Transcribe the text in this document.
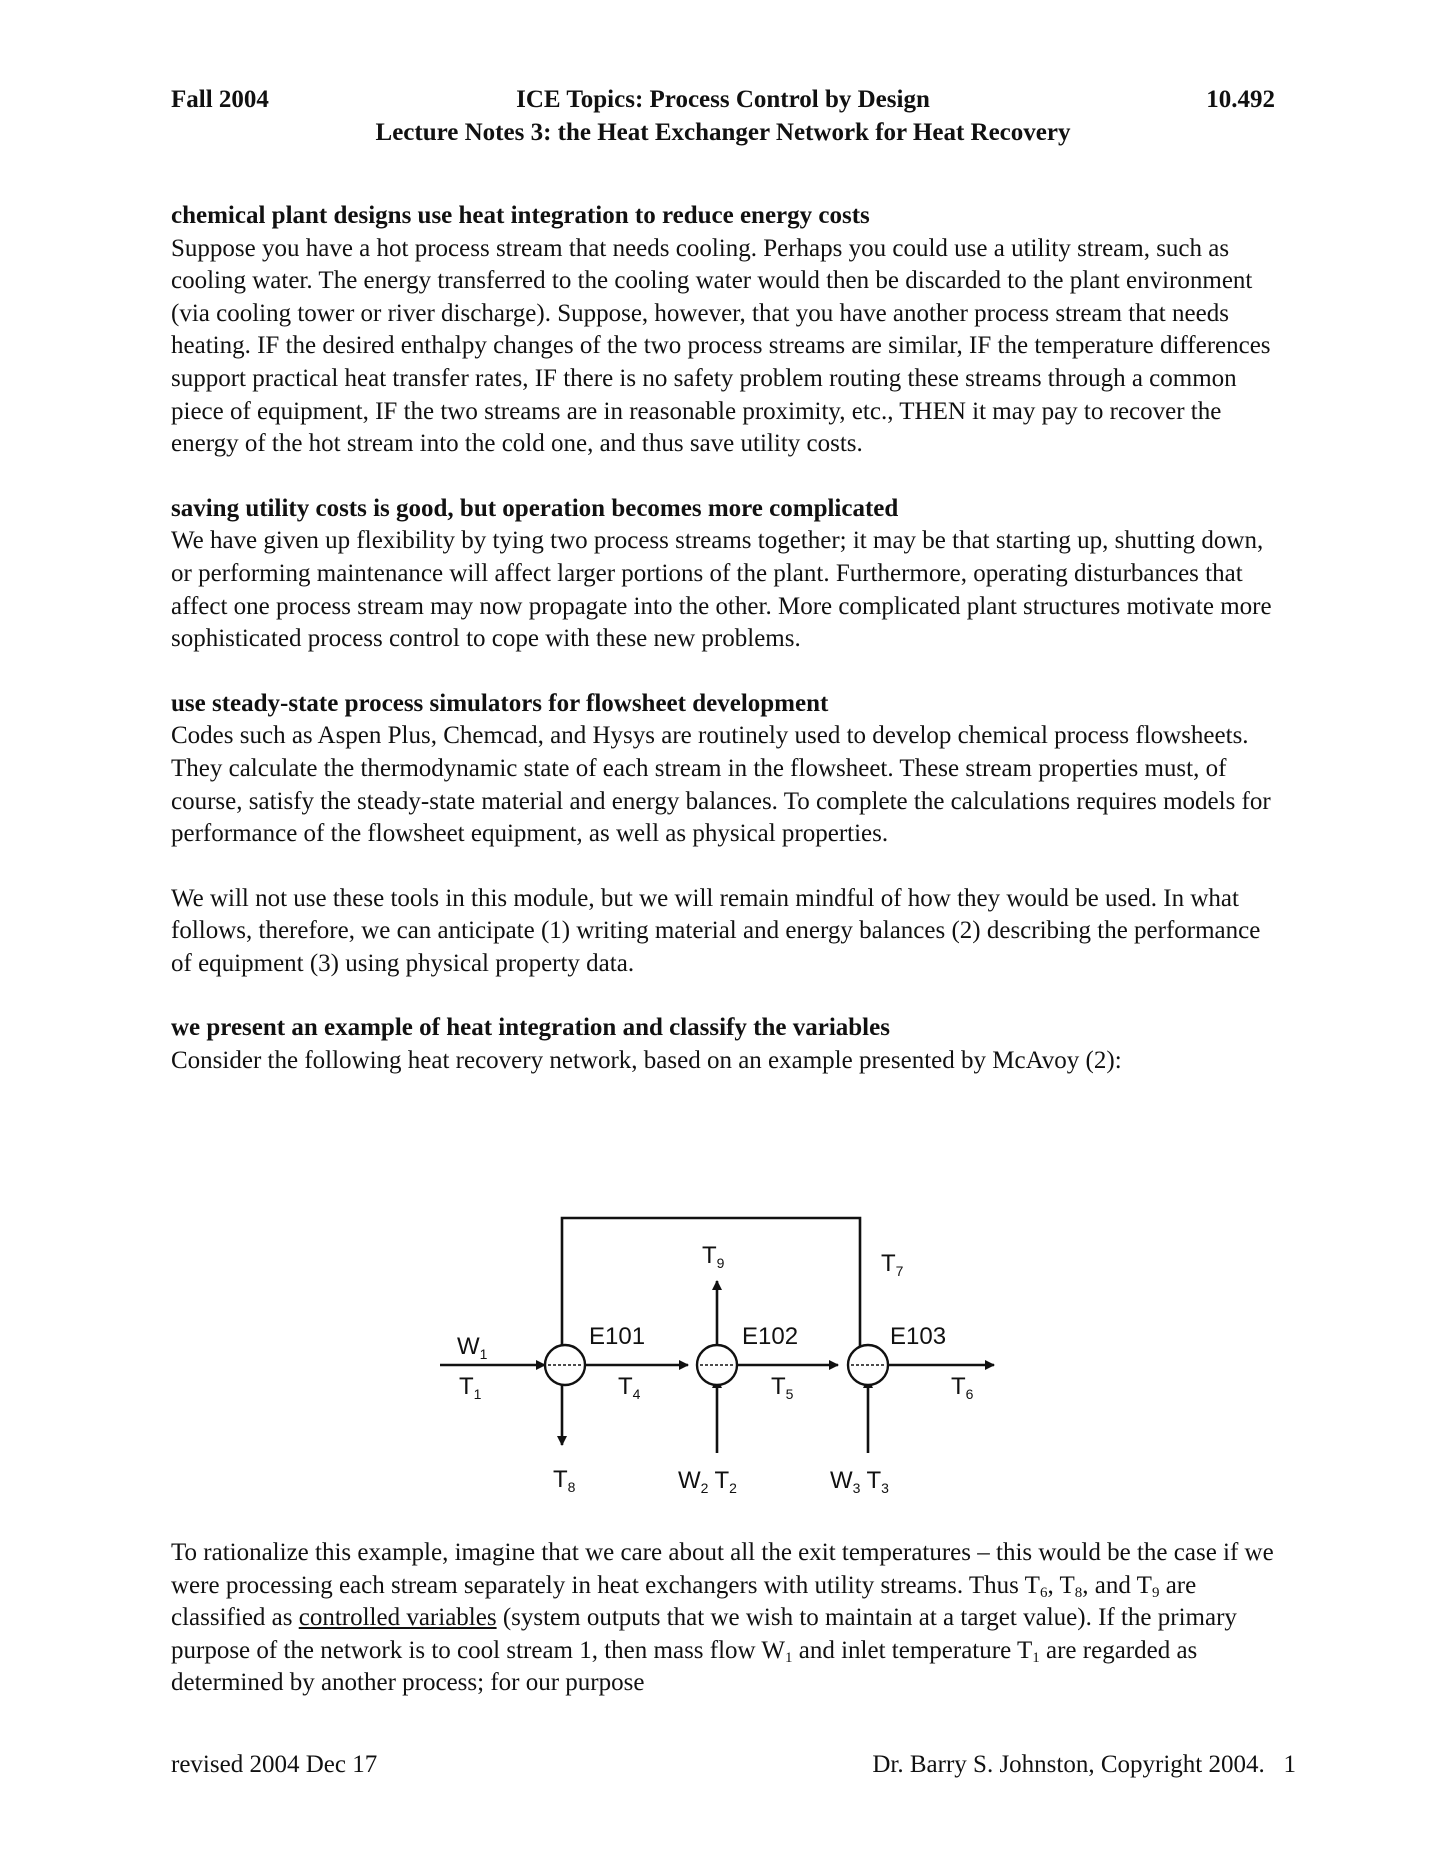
Fall 2004	ICE Topics: Process Control by Design	10.492
Lecture Notes 3: the Heat Exchanger Network for Heat Recovery
chemical plant designs use heat integration to reduce energy costs

Suppose you have a hot process stream that needs cooling. Perhaps you could use a utility stream, such as cooling water. The energy transferred to the cooling water would then be discarded to the plant environment (via cooling tower or river discharge). Suppose, however, that you have another process stream that needs heating. IF the desired enthalpy changes of the two process streams are similar, IF the temperature differences support practical heat transfer rates, IF there is no safety problem routing these streams through a common piece of equipment, IF the two streams are in reasonable proximity, etc., THEN it may pay to recover the energy of the hot stream into the cold one, and thus save utility costs.

saving utility costs is good, but operation becomes more complicated

We have given up flexibility by tying two process streams together; it may be that starting up, shutting down, or performing maintenance will affect larger portions of the plant. Furthermore, operating disturbances that affect one process stream may now propagate into the other. More complicated plant structures motivate more sophisticated process control to cope with these new problems.

use steady-state process simulators for flowsheet development

Codes such as Aspen Plus, Chemcad, and Hysys are routinely used to develop chemical process flowsheets. They calculate the thermodynamic state of each stream in the flowsheet. These stream properties must, of course, satisfy the steady-state material and energy balances. To complete the calculations requires models for performance of the flowsheet equipment, as well as physical properties.

We will not use these tools in this module, but we will remain mindful of how they would be used. In what follows, therefore, we can anticipate (1) writing material and energy balances (2) describing the performance of equipment (3) using physical property data.

we present an example of heat integration and classify the variables

Consider the following heat recovery network, based on an example presented by McAvoy (2):

E101	E102	E103
$W_1$
$T_1$	$T_4$	$T_5$	$T_6$
$T_7$
$T_8$
$T_9$
$W_2$ $T_2$	$W_3$ $T_3$

To rationalize this example, imagine that we care about all the exit temperatures – this would be the case if we were processing each stream separately in heat exchangers with utility streams. Thus $T_6$, $T_8$, and $T_9$ are classified as controlled variables (system outputs that we wish to maintain at a target value). If the primary purpose of the network is to cool stream 1, then mass flow $W_1$ and inlet temperature $T_1$ are regarded as determined by another process; for our purpose

revised 2004 Dec 17	Dr. Barry S. Johnston, Copyright 2004.   1
